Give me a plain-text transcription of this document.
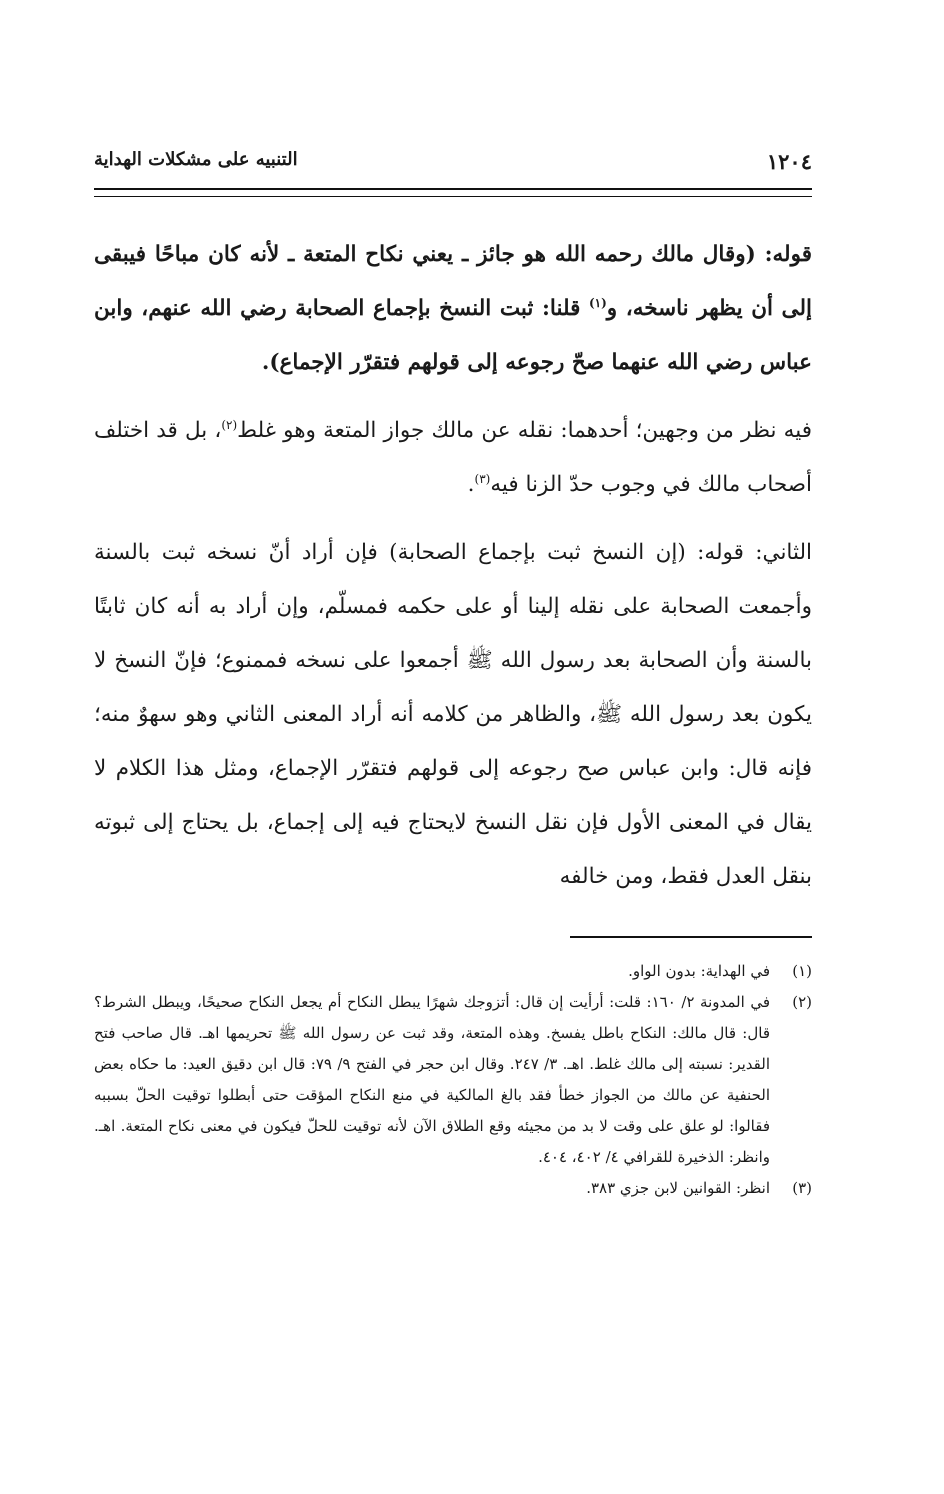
١٢٠٤
التنبيه على مشكلات الهداية

قوله: (وقال مالك رحمه الله هو جائز ـ يعني نكاح المتعة ـ لأنه كان مباحًا فيبقى إلى أن يظهر ناسخه، و$^{(١)}$ قلنا: ثبت النسخ بإجماع الصحابة رضي الله عنهم، وابن عباس رضي الله عنهما صحّ رجوعه إلى قولهم فتقرّر الإجماع).

فيه نظر من وجهين؛ أحدهما: نقله عن مالك جواز المتعة وهو غلط$^{(٢)}$، بل قد اختلف أصحاب مالك في وجوب حدّ الزنا فيه$^{(٣)}$.

الثاني: قوله: (إن النسخ ثبت بإجماع الصحابة) فإن أراد أنّ نسخه ثبت بالسنة وأجمعت الصحابة على نقله إلينا أو على حكمه فمسلّم، وإن أراد به أنه كان ثابتًا بالسنة وأن الصحابة بعد رسول الله ﷺ أجمعوا على نسخه فممنوع؛ فإنّ النسخ لا يكون بعد رسول الله ﷺ، والظاهر من كلامه أنه أراد المعنى الثاني وهو سهوٌ منه؛ فإنه قال: وابن عباس صح رجوعه إلى قولهم فتقرّر الإجماع، ومثل هذا الكلام لا يقال في المعنى الأول فإن نقل النسخ لايحتاج فيه إلى إجماع، بل يحتاج إلى ثبوته بنقل العدل فقط، ومن خالفه

(١)
في الهداية: بدون الواو.
(٢)
في المدونة ٢/ ١٦٠: قلت: أرأيت إن قال: أتزوجك شهرًا يبطل النكاح أم يجعل النكاح صحيحًا، ويبطل الشرط؟ قال: قال مالك: النكاح باطل يفسخ. وهذه المتعة، وقد ثبت عن رسول الله ﷺ تحريمها اهـ. قال صاحب فتح القدير: نسبته إلى مالك غلط. اهـ. ٣/ ٢٤٧. وقال ابن حجر في الفتح ٩/ ٧٩: قال ابن دقيق العيد: ما حكاه بعض الحنفية عن مالك من الجواز خطأ فقد بالغ المالكية في منع النكاح المؤقت حتى أبطلوا توقيت الحلّ بسببه فقالوا: لو علق على وقت لا بد من مجيئه وقع الطلاق الآن لأنه توقيت للحلّ فيكون في معنى نكاح المتعة. اهـ. وانظر: الذخيرة للقرافي ٤/ ٤٠٢، ٤٠٤.
(٣)
انظر: القوانين لابن جزي ٣٨٣.
